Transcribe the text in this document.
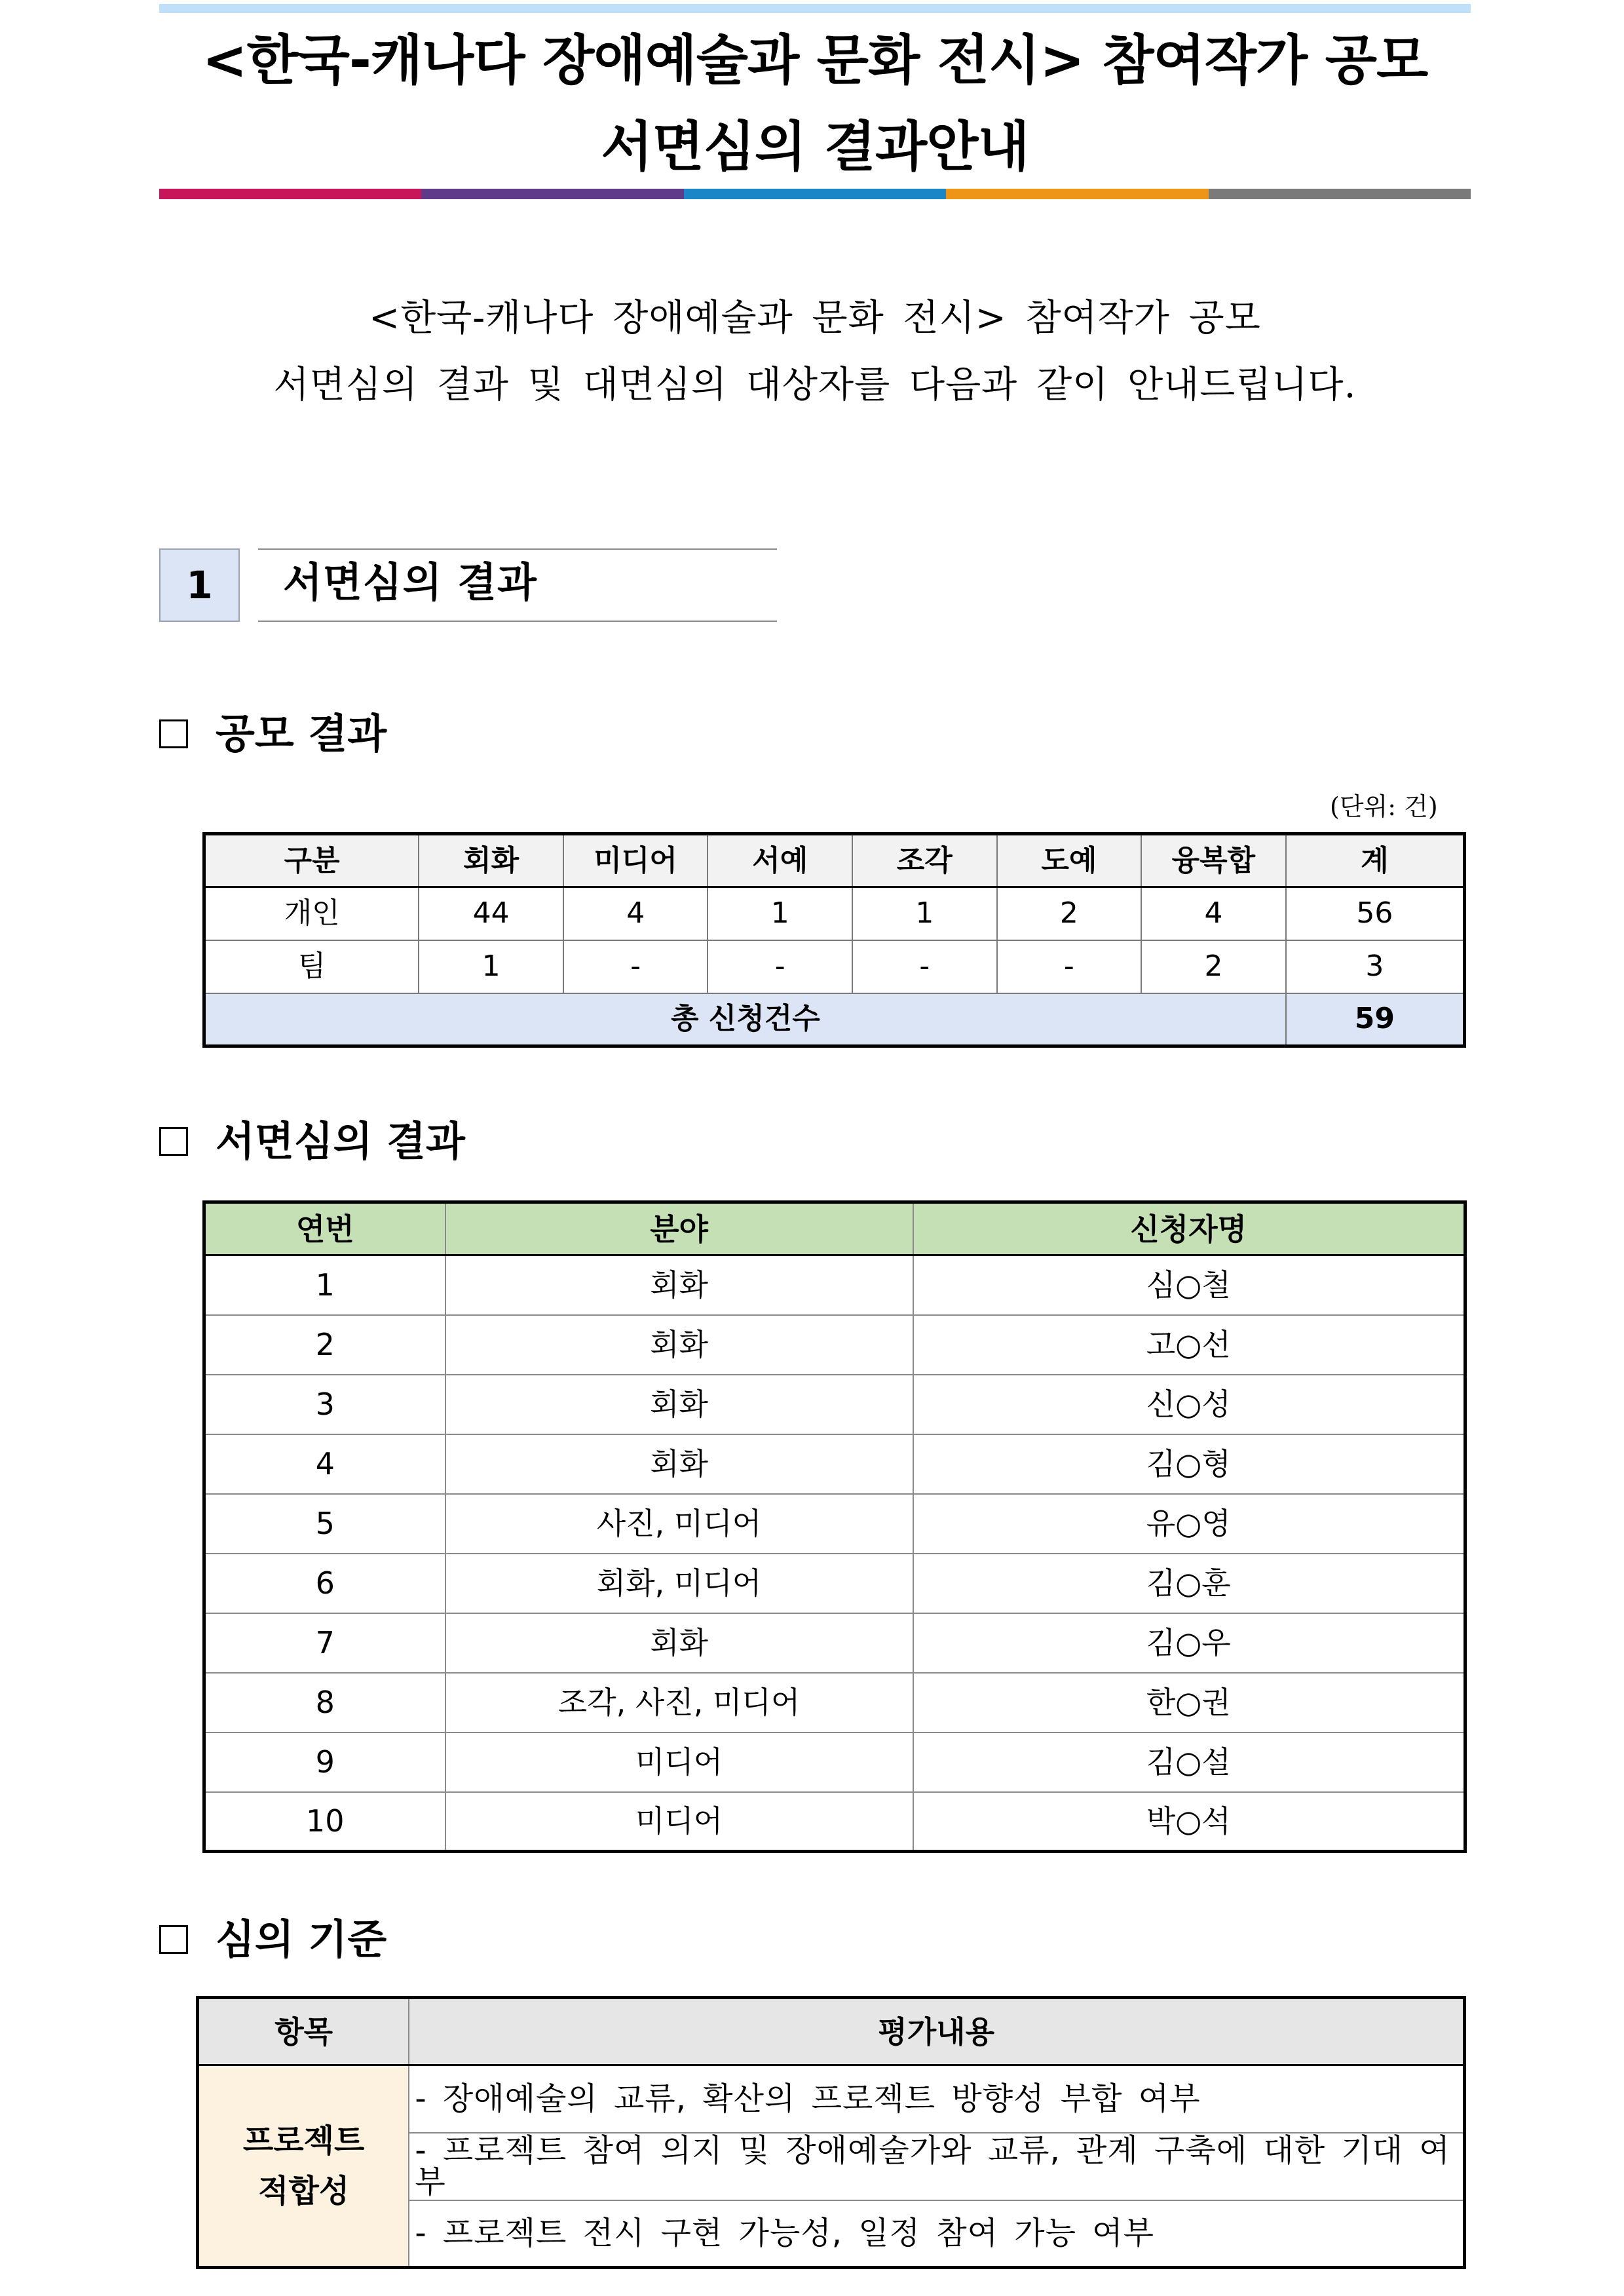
<한국-캐나다 장애예술과 문화 전시> 참여작가 공모
서면심의 결과안내
<한국-캐나다 장애예술과 문화 전시> 참여작가 공모
서면심의 결과 및 대면심의 대상자를 다음과 같이 안내드립니다.
1	서면심의 결과
공모 결과
(단위: 건)
구분	회화	미디어	서예	조각	도예	융복합	계
개인	44	4	1	1	2	4	56
팀	1	-	-	-	-	2	3
총 신청건수							59
서면심의 결과
연번	분야	신청자명
1	회화	심○철
2	회화	고○선
3	회화	신○성
4	회화	김○형
5	사진, 미디어	유○영
6	회화, 미디어	김○훈
7	회화	김○우
8	조각, 사진, 미디어	한○권
9	미디어	김○설
10	미디어	박○석
심의 기준
항목	평가내용

프로젝트
적합성	- 장애예술의 교류, 확산의 프로젝트 방향성 부합 여부
	- 프로젝트 참여 의지 및 장애예술가와 교류, 관계 구축에 대한 기대 여부
	- 프로젝트 전시 구현 가능성, 일정 참여 가능 여부
